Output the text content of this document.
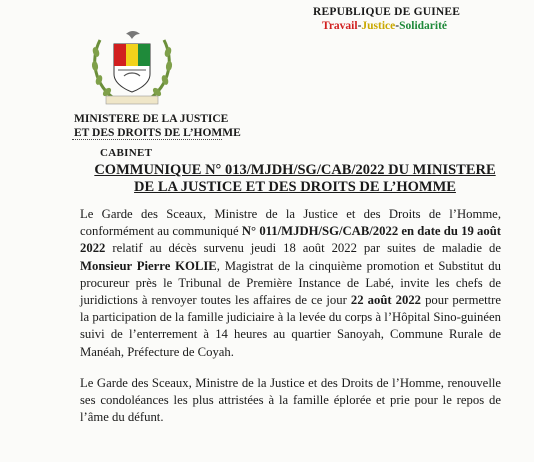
REPUBLIQUE DE GUINEE
Travail-Justice-Solidarité
MINISTERE DE LA JUSTICE
ET DES DROITS DE L’HOMME
CABINET
COMMUNIQUE N° 013/MJDH/SG/CAB/2022 DU MINISTERE
DE LA JUSTICE ET DES DROITS DE L’HOMME
Le Garde des Sceaux, Ministre de la Justice et des Droits de l’Homme, conformément au communiqué N° 011/MJDH/SG/CAB/2022 en date du 19 août 2022 relatif au décès survenu jeudi 18 août 2022 par suites de maladie de Monsieur Pierre KOLIE, Magistrat de la cinquième promotion et Substitut du procureur près le Tribunal de Première Instance de Labé, invite les chefs de juridictions à renvoyer toutes les affaires de ce jour 22 août 2022 pour permettre la participation de la famille judiciaire à la levée du corps à l’Hôpital Sino-guinéen suivi de l’enterrement à 14 heures au quartier Sanoyah, Commune Rurale de Manéah, Préfecture de Coyah.
Le Garde des Sceaux, Ministre de la Justice et des Droits de l’Homme, renouvelle ses condoléances les plus attristées à la famille éplorée et prie pour le repos de l’âme du défunt.
